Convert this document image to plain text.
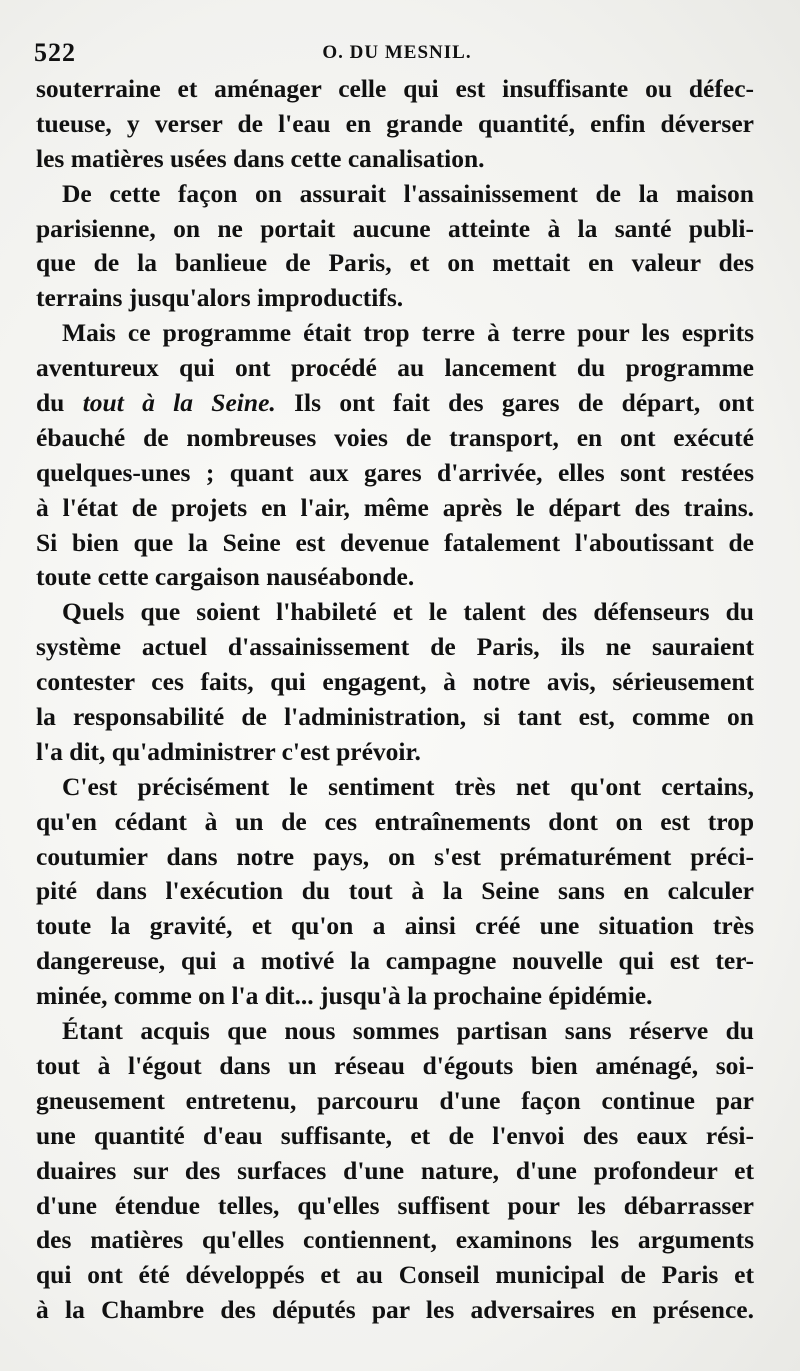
522	O. DU MESNIL.
souterraine et aménager celle qui est insuffisante ou défec-
tueuse, y verser de l'eau en grande quantité, enfin déverser
les matières usées dans cette canalisation.
De cette façon on assurait l'assainissement de la maison
parisienne, on ne portait aucune atteinte à la santé publi-
que de la banlieue de Paris, et on mettait en valeur des
terrains jusqu'alors improductifs.
Mais ce programme était trop terre à terre pour les esprits
aventureux qui ont procédé au lancement du programme
du tout à la Seine. Ils ont fait des gares de départ, ont
ébauché de nombreuses voies de transport, en ont exécuté
quelques-unes ; quant aux gares d'arrivée, elles sont restées
à l'état de projets en l'air, même après le départ des trains.
Si bien que la Seine est devenue fatalement l'aboutissant de
toute cette cargaison nauséabonde.
Quels que soient l'habileté et le talent des défenseurs du
système actuel d'assainissement de Paris, ils ne sauraient
contester ces faits, qui engagent, à notre avis, sérieusement
la responsabilité de l'administration, si tant est, comme on
l'a dit, qu'administrer c'est prévoir.
C'est précisément le sentiment très net qu'ont certains,
qu'en cédant à un de ces entraînements dont on est trop
coutumier dans notre pays, on s'est prématurément préci-
pité dans l'exécution du tout à la Seine sans en calculer
toute la gravité, et qu'on a ainsi créé une situation très
dangereuse, qui a motivé la campagne nouvelle qui est ter-
minée, comme on l'a dit... jusqu'à la prochaine épidémie.
Étant acquis que nous sommes partisan sans réserve du
tout à l'égout dans un réseau d'égouts bien aménagé, soi-
gneusement entretenu, parcouru d'une façon continue par
une quantité d'eau suffisante, et de l'envoi des eaux rési-
duaires sur des surfaces d'une nature, d'une profondeur et
d'une étendue telles, qu'elles suffisent pour les débarrasser
des matières qu'elles contiennent, examinons les arguments
qui ont été développés et au Conseil municipal de Paris et
à la Chambre des députés par les adversaires en présence.
